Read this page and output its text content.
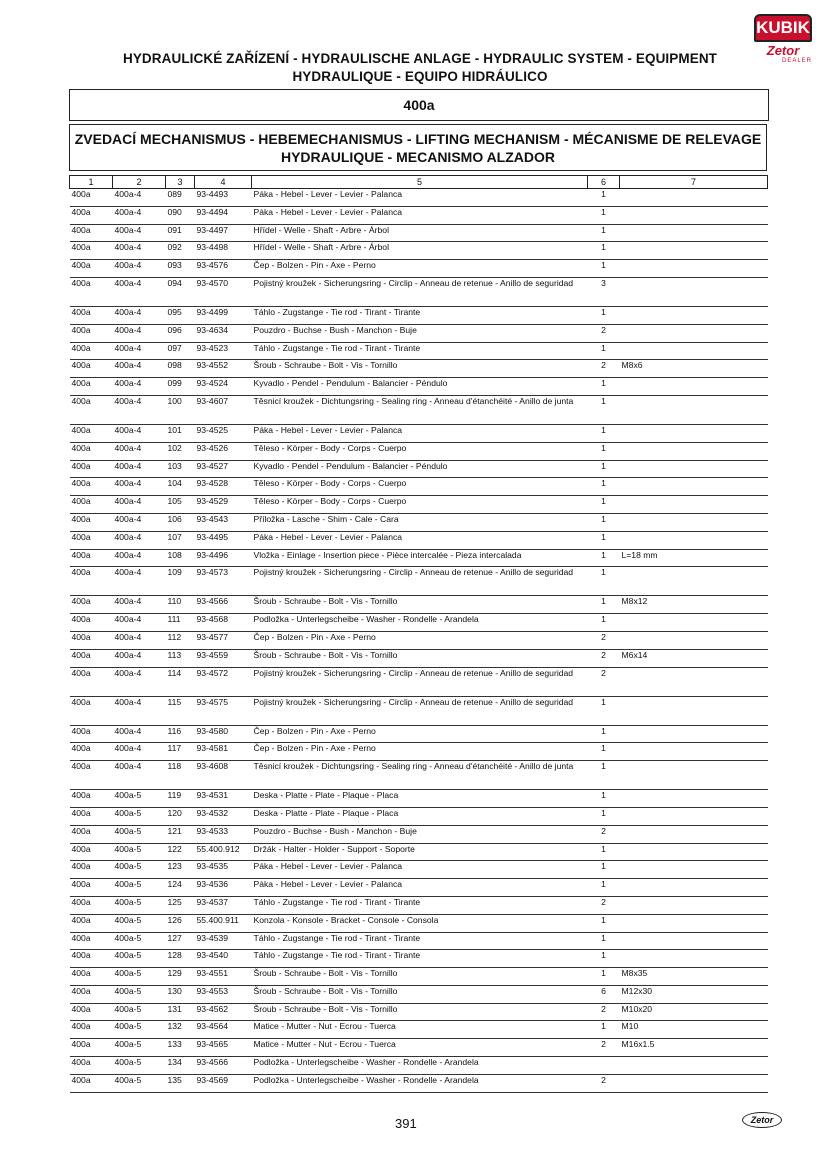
KUBIK
Zetor
DEALER
HYDRAULICKÉ ZAŘÍZENÍ - HYDRAULISCHE ANLAGE - HYDRAULIC SYSTEM - EQUIPMENT
HYDRAULIQUE - EQUIPO HIDRÁULICO
400a
ZVEDACÍ MECHANISMUS - HEBEMECHANISMUS - LIFTING MECHANISM - MÉCANISME DE RELEVAGE
HYDRAULIQUE - MECANISMO ALZADOR
1	2	3	4	5	6	7
400a	400a-4	089	93-4493	Páka - Hebel - Lever - Levier - Palanca	1	
400a	400a-4	090	93-4494	Páka - Hebel - Lever - Levier - Palanca	1	
400a	400a-4	091	93-4497	Hřídel - Welle - Shaft - Arbre - Árbol	1	
400a	400a-4	092	93-4498	Hřídel - Welle - Shaft - Arbre - Árbol	1	
400a	400a-4	093	93-4576	Čep - Bolzen - Pin - Axe - Perno	1	
400a	400a-4	094	93-4570	Pojistný kroužek - Sicherungsring - Circlip - Anneau de retenue - Anillo de seguridad	3	
400a	400a-4	095	93-4499	Táhlo - Zugstange - Tie rod - Tirant - Tirante	1	
400a	400a-4	096	93-4634	Pouzdro - Buchse - Bush - Manchon - Buje	2	
400a	400a-4	097	93-4523	Táhlo - Zugstange - Tie rod - Tirant - Tirante	1	
400a	400a-4	098	93-4552	Šroub - Schraube - Bolt - Vis - Tornillo	2	M8x6
400a	400a-4	099	93-4524	Kyvadlo - Pendel - Pendulum - Balancier - Péndulo	1	
400a	400a-4	100	93-4607	Těsnicí kroužek - Dichtungsring - Sealing ring - Anneau d'étanchéité - Anillo de junta	1	
400a	400a-4	101	93-4525	Páka - Hebel - Lever - Levier - Palanca	1	
400a	400a-4	102	93-4526	Těleso - Körper - Body - Corps - Cuerpo	1	
400a	400a-4	103	93-4527	Kyvadlo - Pendel - Pendulum - Balancier - Péndulo	1	
400a	400a-4	104	93-4528	Těleso - Körper - Body - Corps - Cuerpo	1	
400a	400a-4	105	93-4529	Těleso - Körper - Body - Corps - Cuerpo	1	
400a	400a-4	106	93-4543	Příložka - Lasche - Shim - Cale - Cara	1	
400a	400a-4	107	93-4495	Páka - Hebel - Lever - Levier - Palanca	1	
400a	400a-4	108	93-4496	Vložka - Einlage - Insertion piece - Pièce intercalée - Pieza intercalada	1	L=18 mm
400a	400a-4	109	93-4573	Pojistný kroužek - Sicherungsring - Circlip - Anneau de retenue - Anillo de seguridad	1	
400a	400a-4	110	93-4566	Šroub - Schraube - Bolt - Vis - Tornillo	1	M8x12
400a	400a-4	111	93-4568	Podložka - Unterlegscheibe - Washer - Rondelle - Arandela	1	
400a	400a-4	112	93-4577	Čep - Bolzen - Pin - Axe - Perno	2	
400a	400a-4	113	93-4559	Šroub - Schraube - Bolt - Vis - Tornillo	2	M6x14
400a	400a-4	114	93-4572	Pojistný kroužek - Sicherungsring - Circlip - Anneau de retenue - Anillo de seguridad	2	
400a	400a-4	115	93-4575	Pojistný kroužek - Sicherungsring - Circlip - Anneau de retenue - Anillo de seguridad	1	
400a	400a-4	116	93-4580	Čep - Bolzen - Pin - Axe - Perno	1	
400a	400a-4	117	93-4581	Čep - Bolzen - Pin - Axe - Perno	1	
400a	400a-4	118	93-4608	Těsnicí kroužek - Dichtungsring - Sealing ring - Anneau d'étanchéité - Anillo de junta	1	
400a	400a-5	119	93-4531	Deska - Platte - Plate - Plaque - Placa	1	
400a	400a-5	120	93-4532	Deska - Platte - Plate - Plaque - Placa	1	
400a	400a-5	121	93-4533	Pouzdro - Buchse - Bush - Manchon - Buje	2	
400a	400a-5	122	55.400.912	Držák - Halter - Holder - Support - Soporte	1	
400a	400a-5	123	93-4535	Páka - Hebel - Lever - Levier - Palanca	1	
400a	400a-5	124	93-4536	Páka - Hebel - Lever - Levier - Palanca	1	
400a	400a-5	125	93-4537	Táhlo - Zugstange - Tie rod - Tirant - Tirante	2	
400a	400a-5	126	55.400.911	Konzola - Konsole - Bracket - Console - Consola	1	
400a	400a-5	127	93-4539	Táhlo - Zugstange - Tie rod - Tirant - Tirante	1	
400a	400a-5	128	93-4540	Táhlo - Zugstange - Tie rod - Tirant - Tirante	1	
400a	400a-5	129	93-4551	Šroub - Schraube - Bolt - Vis - Tornillo	1	M8x35
400a	400a-5	130	93-4553	Šroub - Schraube - Bolt - Vis - Tornillo	6	M12x30
400a	400a-5	131	93-4562	Šroub - Schraube - Bolt - Vis - Tornillo	2	M10x20
400a	400a-5	132	93-4564	Matice - Mutter - Nut - Ecrou - Tuerca	1	M10
400a	400a-5	133	93-4565	Matice - Mutter - Nut - Ecrou - Tuerca	2	M16x1.5
400a	400a-5	134	93-4566	Podložka - Unterlegscheibe - Washer - Rondelle - Arandela		
400a	400a-5	135	93-4569	Podložka - Unterlegscheibe - Washer - Rondelle - Arandela	2	
391	Zetor
